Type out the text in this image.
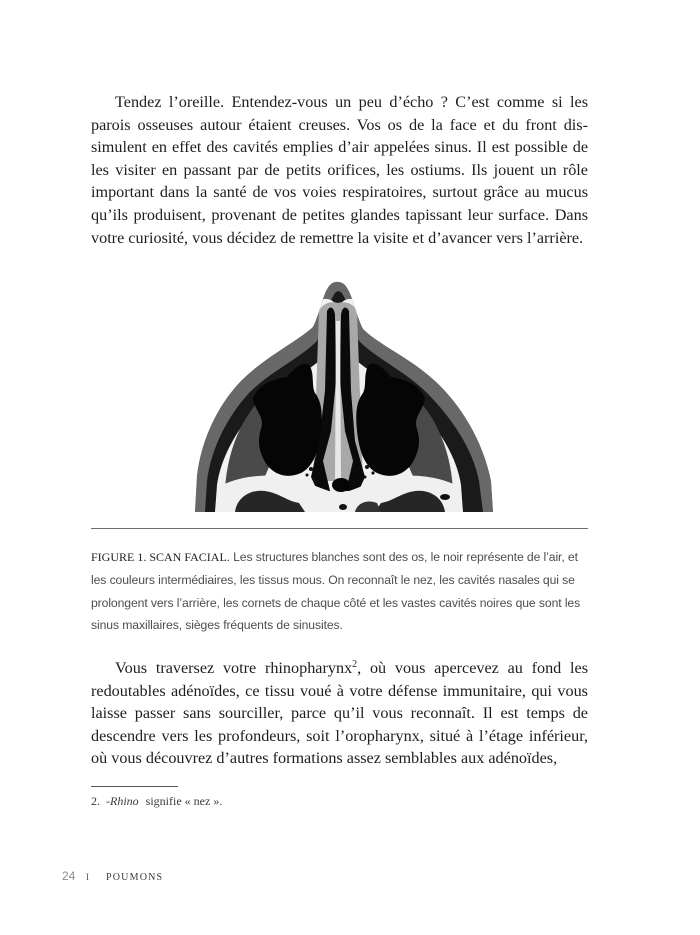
Tendez l’oreille. Entendez-vous un peu d’écho ? C’est comme si les parois osseuses autour étaient creuses. Vos os de la face et du front dissimulent en effet des cavités emplies d’air appelées sinus. Il est possible de les visiter en passant par de petits orifices, les ostiums. Ils jouent un rôle important dans la santé de vos voies respiratoires, surtout grâce au mucus qu’ils produisent, provenant de petites glandes tapissant leur surface. Dans votre curiosité, vous décidez de remettre la visite et d’avancer vers l’arrière.

FIGURE 1. SCAN FACIAL. Les structures blanches sont des os, le noir représente de l’air, et les couleurs intermédiaires, les tissus mous. On reconnaît le nez, les cavités nasales qui se prolongent vers l’arrière, les cornets de chaque côté et les vastes cavités noires que sont les sinus maxillaires, sièges fréquents de sinusites.

Vous traversez votre rhinopharynx$^2$, où vous apercevez au fond les redoutables adénoïdes, ce tissu voué à votre défense immunitaire, qui vous laisse passer sans sourciller, parce qu’il vous reconnaît. Il est temps de descendre vers les profondeurs, soit l’oropharynx, situé à l’étage inférieur, où vous découvrez d’autres formations assez semblables aux adénoïdes,

2. -Rhino signifie « nez ».

24	I	POUMONS
